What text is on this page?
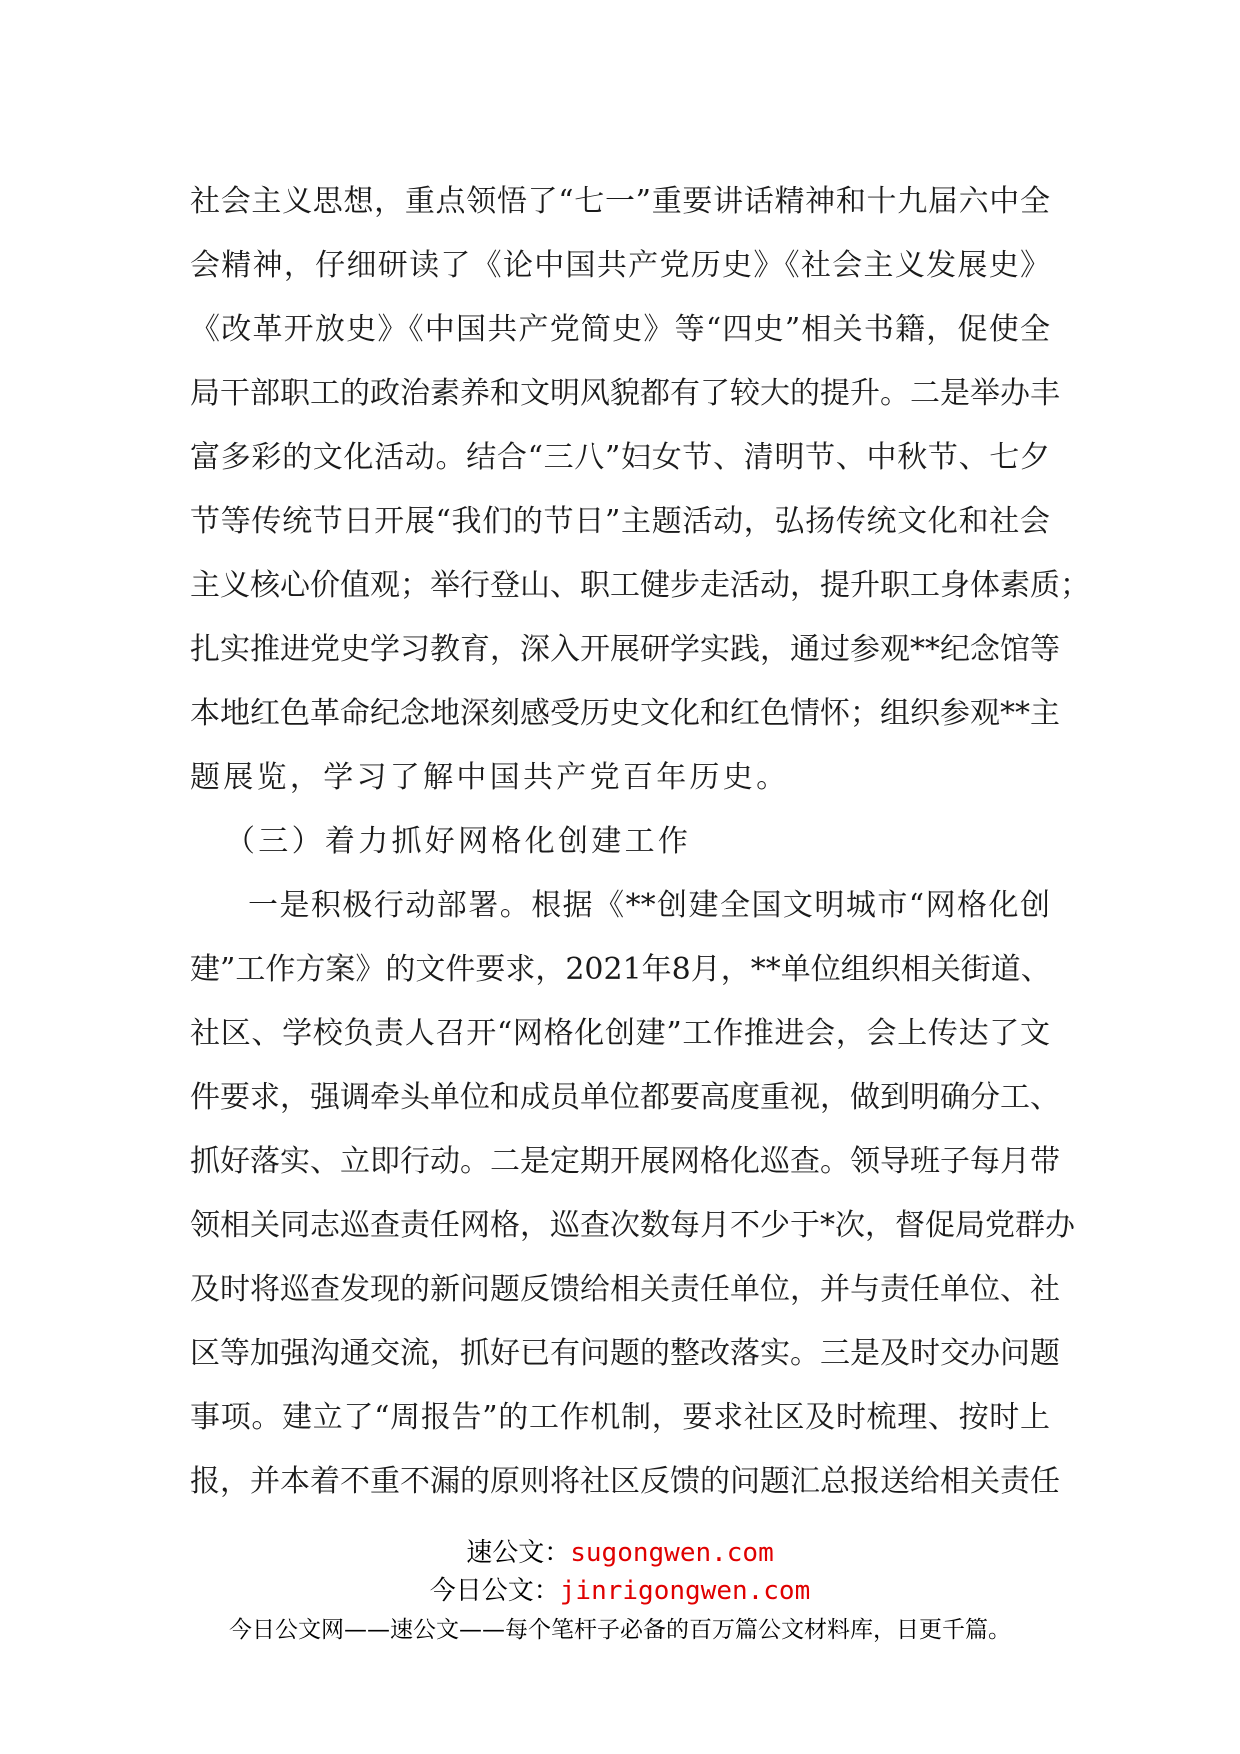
社会主义思想，重点领悟了“七一”重要讲话精神和十九届六中全
会精神，仔细研读了《论中国共产党历史》《社会主义发展史》
《改革开放史》《中国共产党简史》等“四史”相关书籍，促使全
局干部职工的政治素养和文明风貌都有了较大的提升。二是举办丰
富多彩的文化活动。结合“三八”妇女节、清明节、中秋节、七夕
节等传统节日开展“我们的节日”主题活动，弘扬传统文化和社会
主义核心价值观；举行登山、职工健步走活动，提升职工身体素质；
扎实推进党史学习教育，深入开展研学实践，通过参观**纪念馆等
本地红色革命纪念地深刻感受历史文化和红色情怀；组织参观**主
题展览，学习了解中国共产党百年历史。
（三）着力抓好网格化创建工作
一是积极行动部署。根据《**创建全国文明城市“网格化创
建”工作方案》的文件要求，2021年8月，**单位组织相关街道、
社区、学校负责人召开“网格化创建”工作推进会，会上传达了文
件要求，强调牵头单位和成员单位都要高度重视，做到明确分工、
抓好落实、立即行动。二是定期开展网格化巡查。领导班子每月带
领相关同志巡查责任网格，巡查次数每月不少于*次，督促局党群办
及时将巡查发现的新问题反馈给相关责任单位，并与责任单位、社
区等加强沟通交流，抓好已有问题的整改落实。三是及时交办问题
事项。建立了“周报告”的工作机制，要求社区及时梳理、按时上
报，并本着不重不漏的原则将社区反馈的问题汇总报送给相关责任
速公文：sugongwen.com
今日公文：jinrigongwen.com
今日公文网——速公文——每个笔杆子必备的百万篇公文材料库，日更千篇。
